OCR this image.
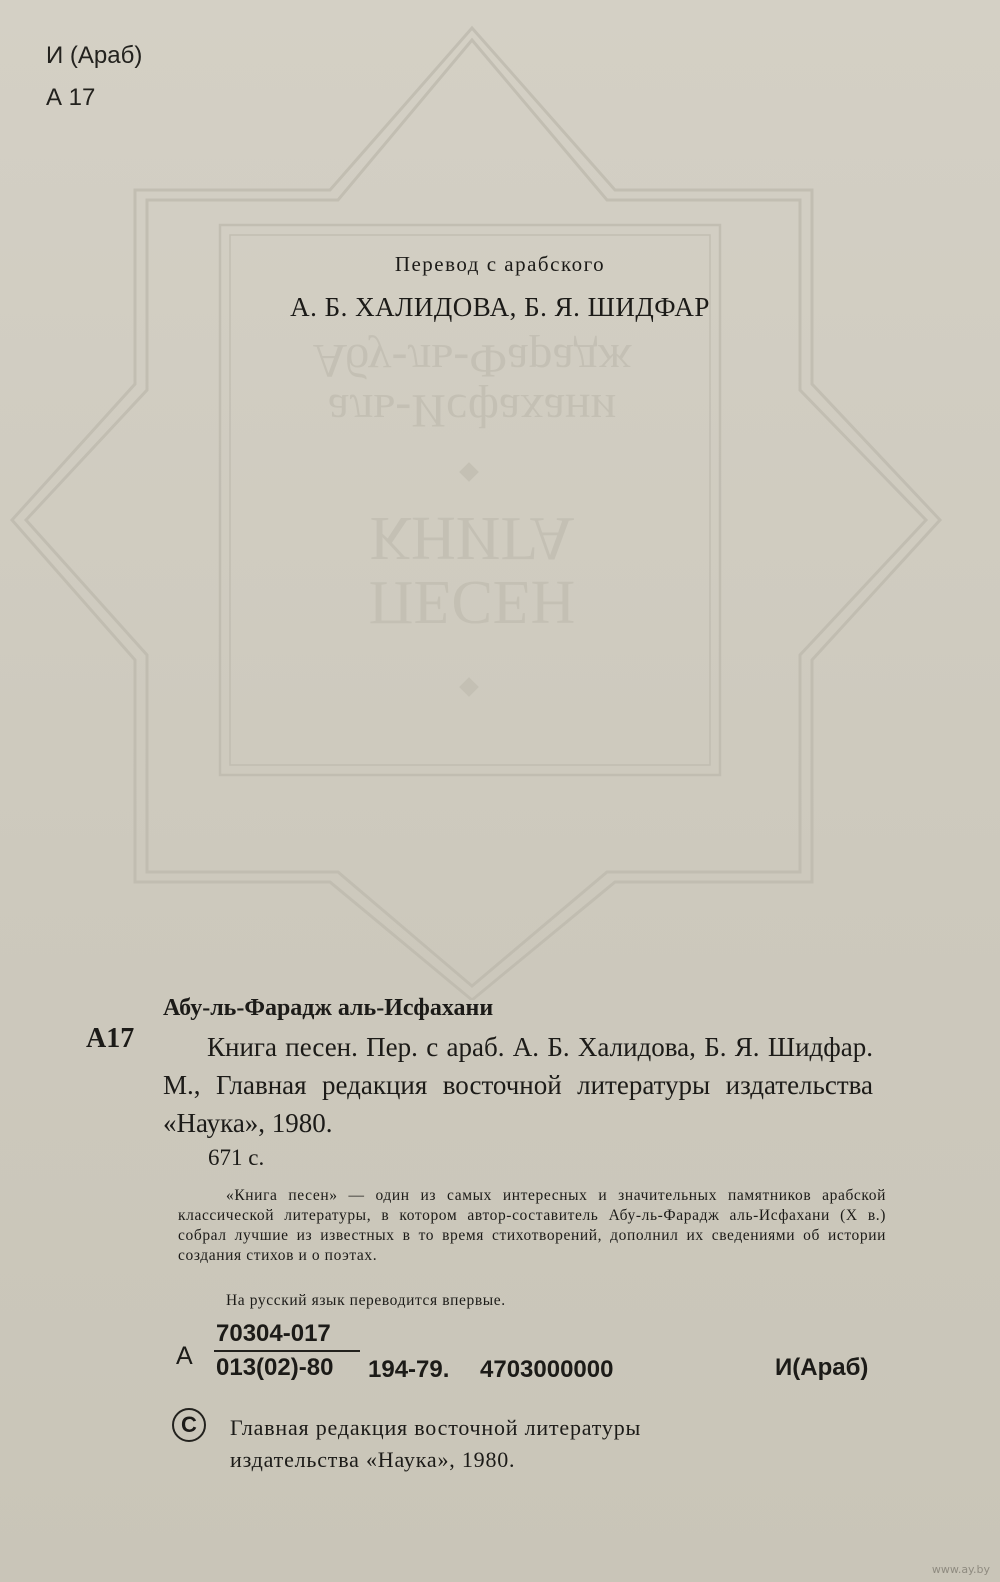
Абу-ль-Фарадж
аль-Исфахани
КНИГА
ПЕСЕН
И (Араб)
А 17
Перевод с арабского
А. Б. ХАЛИДОВА, Б. Я. ШИДФАР
Абу-ль-Фарадж аль-Исфахани
А17	Книга песен. Пер. с араб. А. Б. Халидова, Б. Я. Шидфар. М., Главная редакция восточной литературы издательства «Наука», 1980.
671 с.
«Книга песен» — один из самых интересных и значительных памятников арабской классической литературы, в котором автор-составитель Абу-ль-Фарадж аль-Исфахани (X в.) собрал лучшие из известных в то время стихотворений, дополнил их сведениями об истории создания стихов и о поэтах.
На русский язык переводится впервые.
А
70304-017
013(02)-80	194-79. 4703000000	И(Араб)
С	Главная редакция восточной литературы
издательства «Наука», 1980.
www.ay.by
